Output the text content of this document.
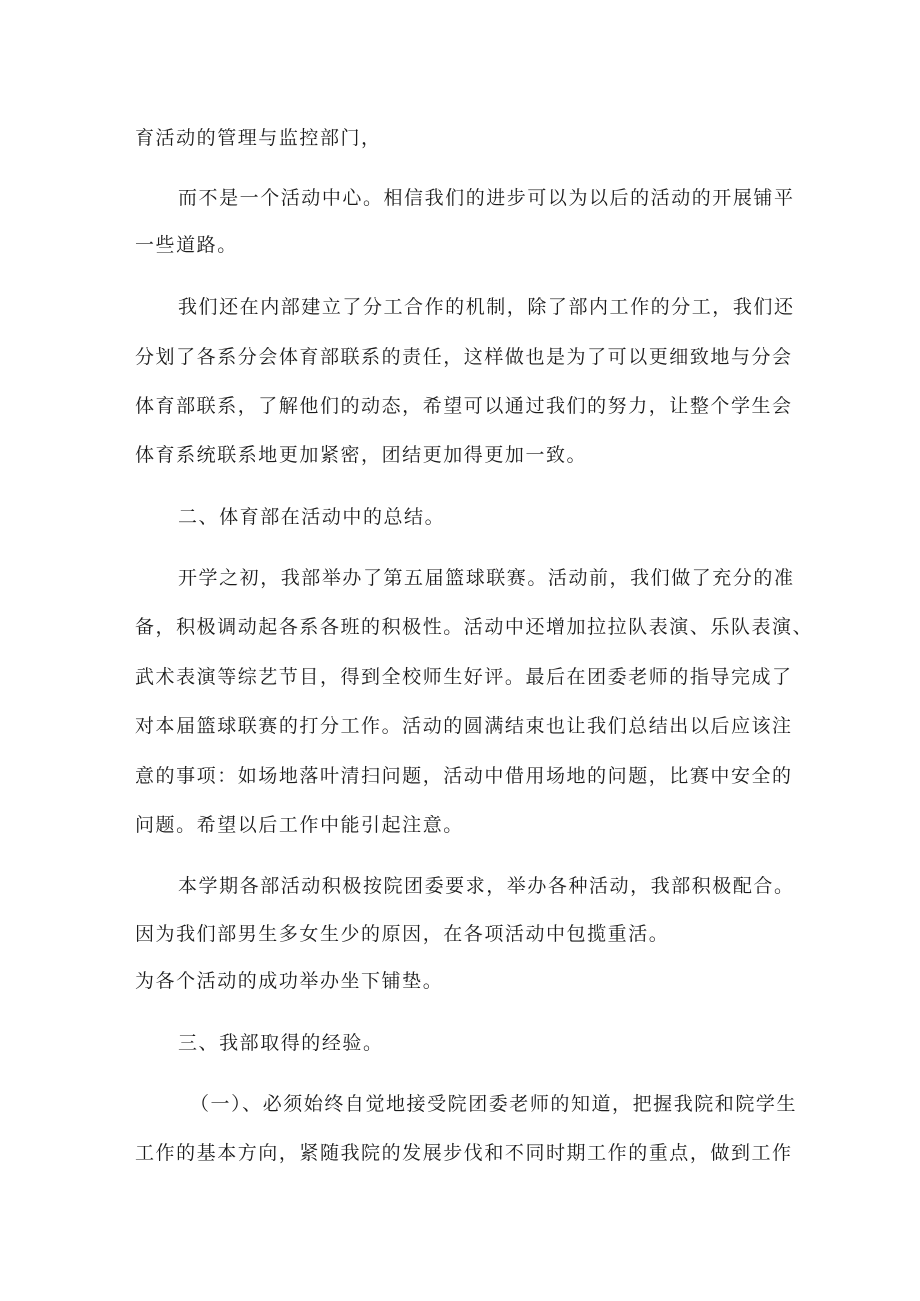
育活动的管理与监控部门，

而不是一个活动中心。相信我们的进步可以为以后的活动的开展铺平

一些道路。

我们还在内部建立了分工合作的机制，除了部内工作的分工，我们还

分划了各系分会体育部联系的责任，这样做也是为了可以更细致地与分会

体育部联系，了解他们的动态，希望可以通过我们的努力，让整个学生会

体育系统联系地更加紧密，团结更加得更加一致。

二、体育部在活动中的总结。

开学之初，我部举办了第五届篮球联赛。活动前，我们做了充分的准

备，积极调动起各系各班的积极性。活动中还增加拉拉队表演、乐队表演、

武术表演等综艺节目，得到全校师生好评。最后在团委老师的指导完成了

对本届篮球联赛的打分工作。活动的圆满结束也让我们总结出以后应该注

意的事项：如场地落叶清扫问题，活动中借用场地的问题，比赛中安全的

问题。希望以后工作中能引起注意。

本学期各部活动积极按院团委要求，举办各种活动，我部积极配合。

因为我们部男生多女生少的原因，在各项活动中包揽重活。

为各个活动的成功举办坐下铺垫。

三、我部取得的经验。

（一）、必须始终自觉地接受院团委老师的知道，把握我院和院学生

工作的基本方向，紧随我院的发展步伐和不同时期工作的重点，做到工作
